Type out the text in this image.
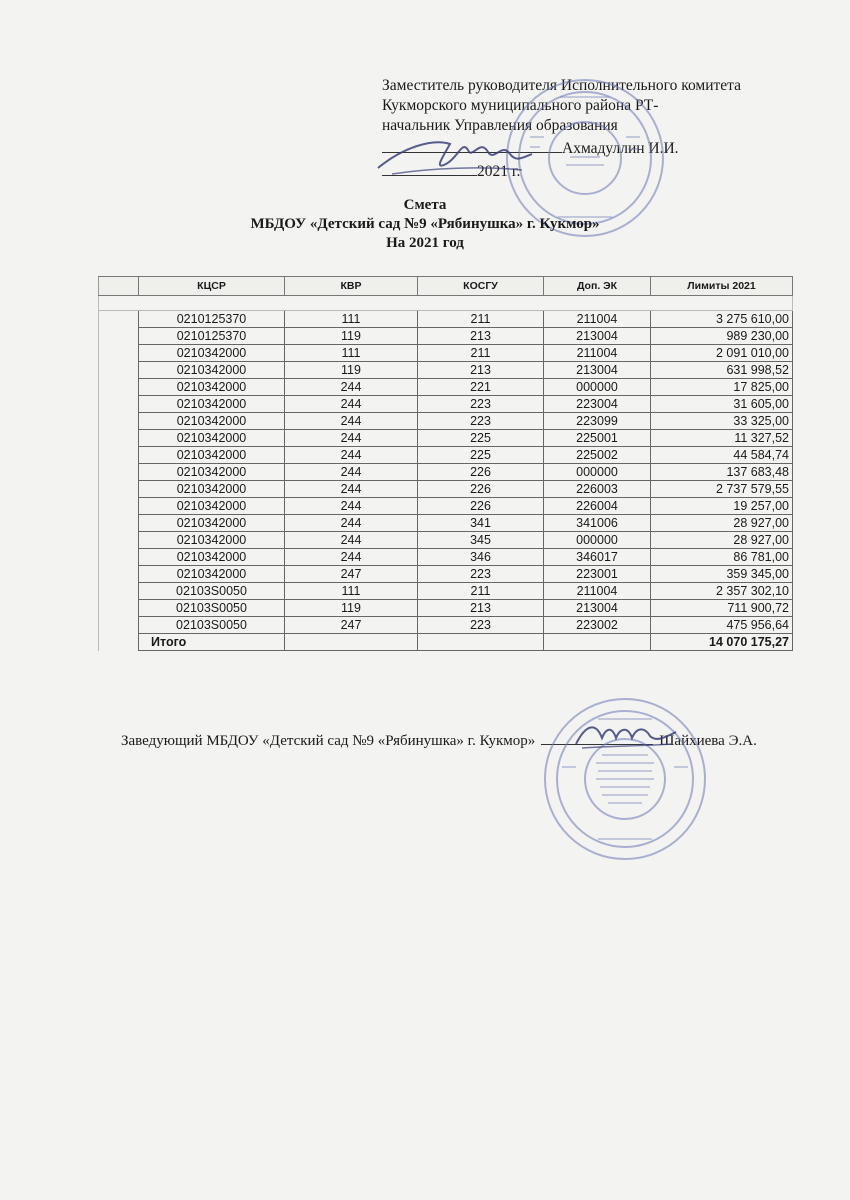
Заместитель руководителя Исполнительного комитета
Кукморского муниципального района РТ-
начальник Управления образования
Ахмадуллин И.И.
2021 г.
Смета
МБДОУ «Детский сад №9 «Рябинушка» г. Кукмор»
На 2021 год
	КЦСР	КВР	КОСГУ	Доп. ЭК	Лимиты 2021

	0210125370	111	211	211004	3 275 610,00
	0210125370	119	213	213004	989 230,00
	0210342000	111	211	211004	2 091 010,00
	0210342000	119	213	213004	631 998,52
	0210342000	244	221	000000	17 825,00
	0210342000	244	223	223004	31 605,00
	0210342000	244	223	223099	33 325,00
	0210342000	244	225	225001	11 327,52
	0210342000	244	225	225002	44 584,74
	0210342000	244	226	000000	137 683,48
	0210342000	244	226	226003	2 737 579,55
	0210342000	244	226	226004	19 257,00
	0210342000	244	341	341006	28 927,00
	0210342000	244	345	000000	28 927,00
	0210342000	244	346	346017	86 781,00
	0210342000	247	223	223001	359 345,00
	02103S0050	111	211	211004	2 357 302,10
	02103S0050	119	213	213004	711 900,72
	02103S0050	247	223	223002	475 956,64
	Итого				14 070 175,27
Заведующий МБДОУ «Детский сад №9 «Рябинушка» г. Кукмор»	Шайхиева Э.А.
